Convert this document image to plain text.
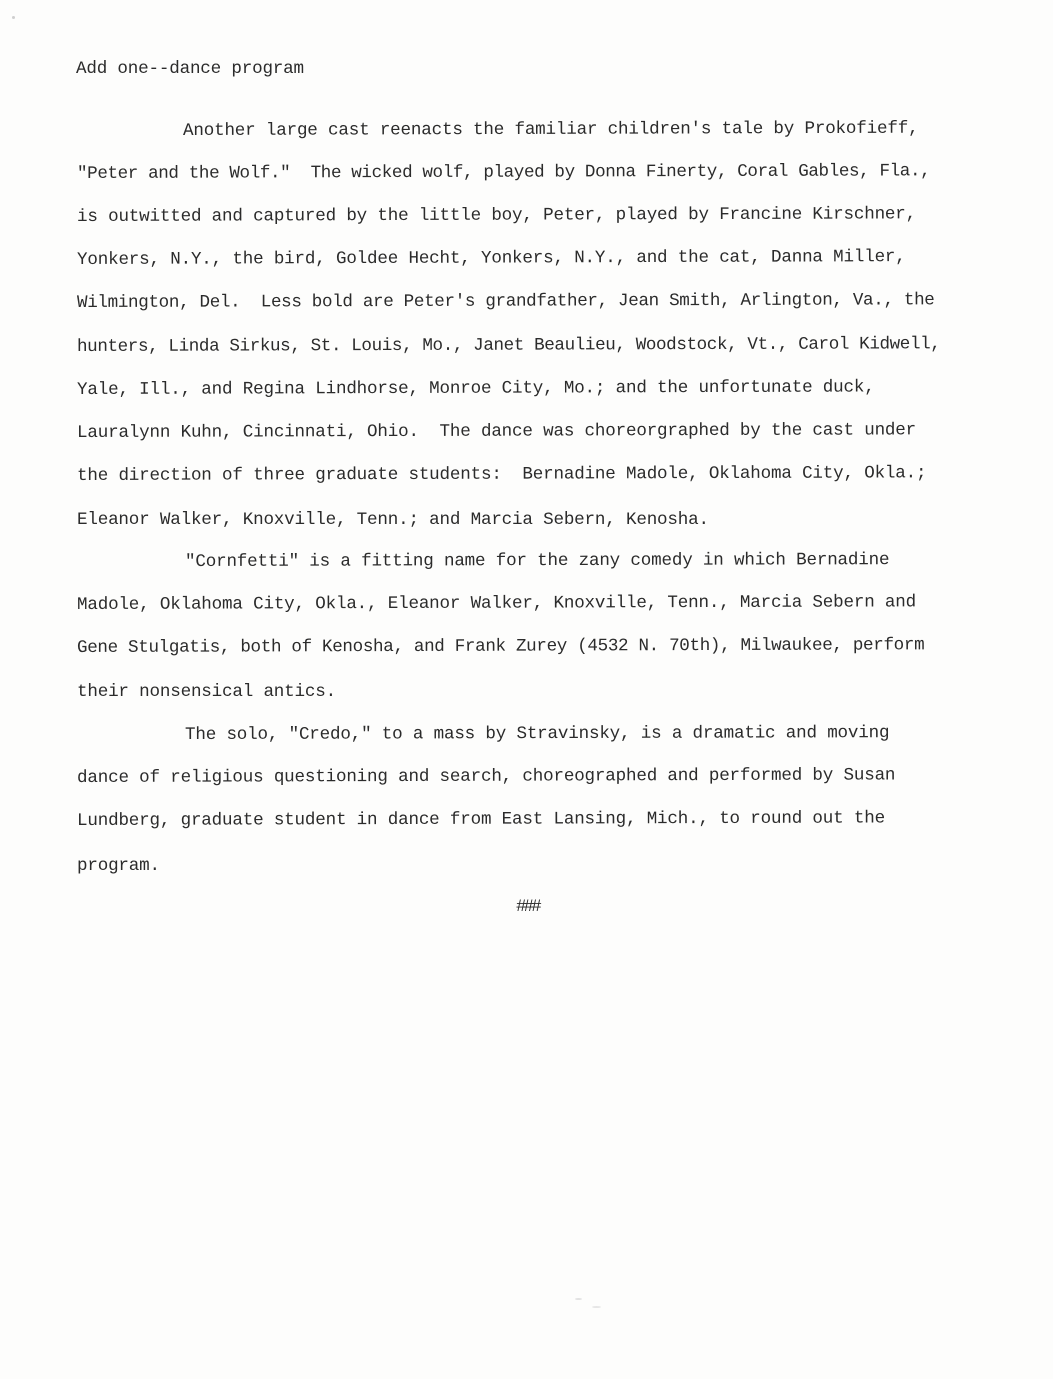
Add one--dance program
Another large cast reenacts the familiar children's tale by Prokofieff,
"Peter and the Wolf."  The wicked wolf, played by Donna Finerty, Coral Gables, Fla.,
is outwitted and captured by the little boy, Peter, played by Francine Kirschner,
Yonkers, N.Y., the bird, Goldee Hecht, Yonkers, N.Y., and the cat, Danna Miller,
Wilmington, Del.  Less bold are Peter's grandfather, Jean Smith, Arlington, Va., the
hunters, Linda Sirkus, St. Louis, Mo., Janet Beaulieu, Woodstock, Vt., Carol Kidwell,
Yale, Ill., and Regina Lindhorse, Monroe City, Mo.; and the unfortunate duck,
Lauralynn Kuhn, Cincinnati, Ohio.  The dance was choreorgraphed by the cast under
the direction of three graduate students:  Bernadine Madole, Oklahoma City, Okla.;
Eleanor Walker, Knoxville, Tenn.; and Marcia Sebern, Kenosha.
"Cornfetti" is a fitting name for the zany comedy in which Bernadine
Madole, Oklahoma City, Okla., Eleanor Walker, Knoxville, Tenn., Marcia Sebern and
Gene Stulgatis, both of Kenosha, and Frank Zurey (4532 N. 70th), Milwaukee, perform
their nonsensical antics.
The solo, "Credo," to a mass by Stravinsky, is a dramatic and moving
dance of religious questioning and search, choreographed and performed by Susan
Lundberg, graduate student in dance from East Lansing, Mich., to round out the
program.
###
